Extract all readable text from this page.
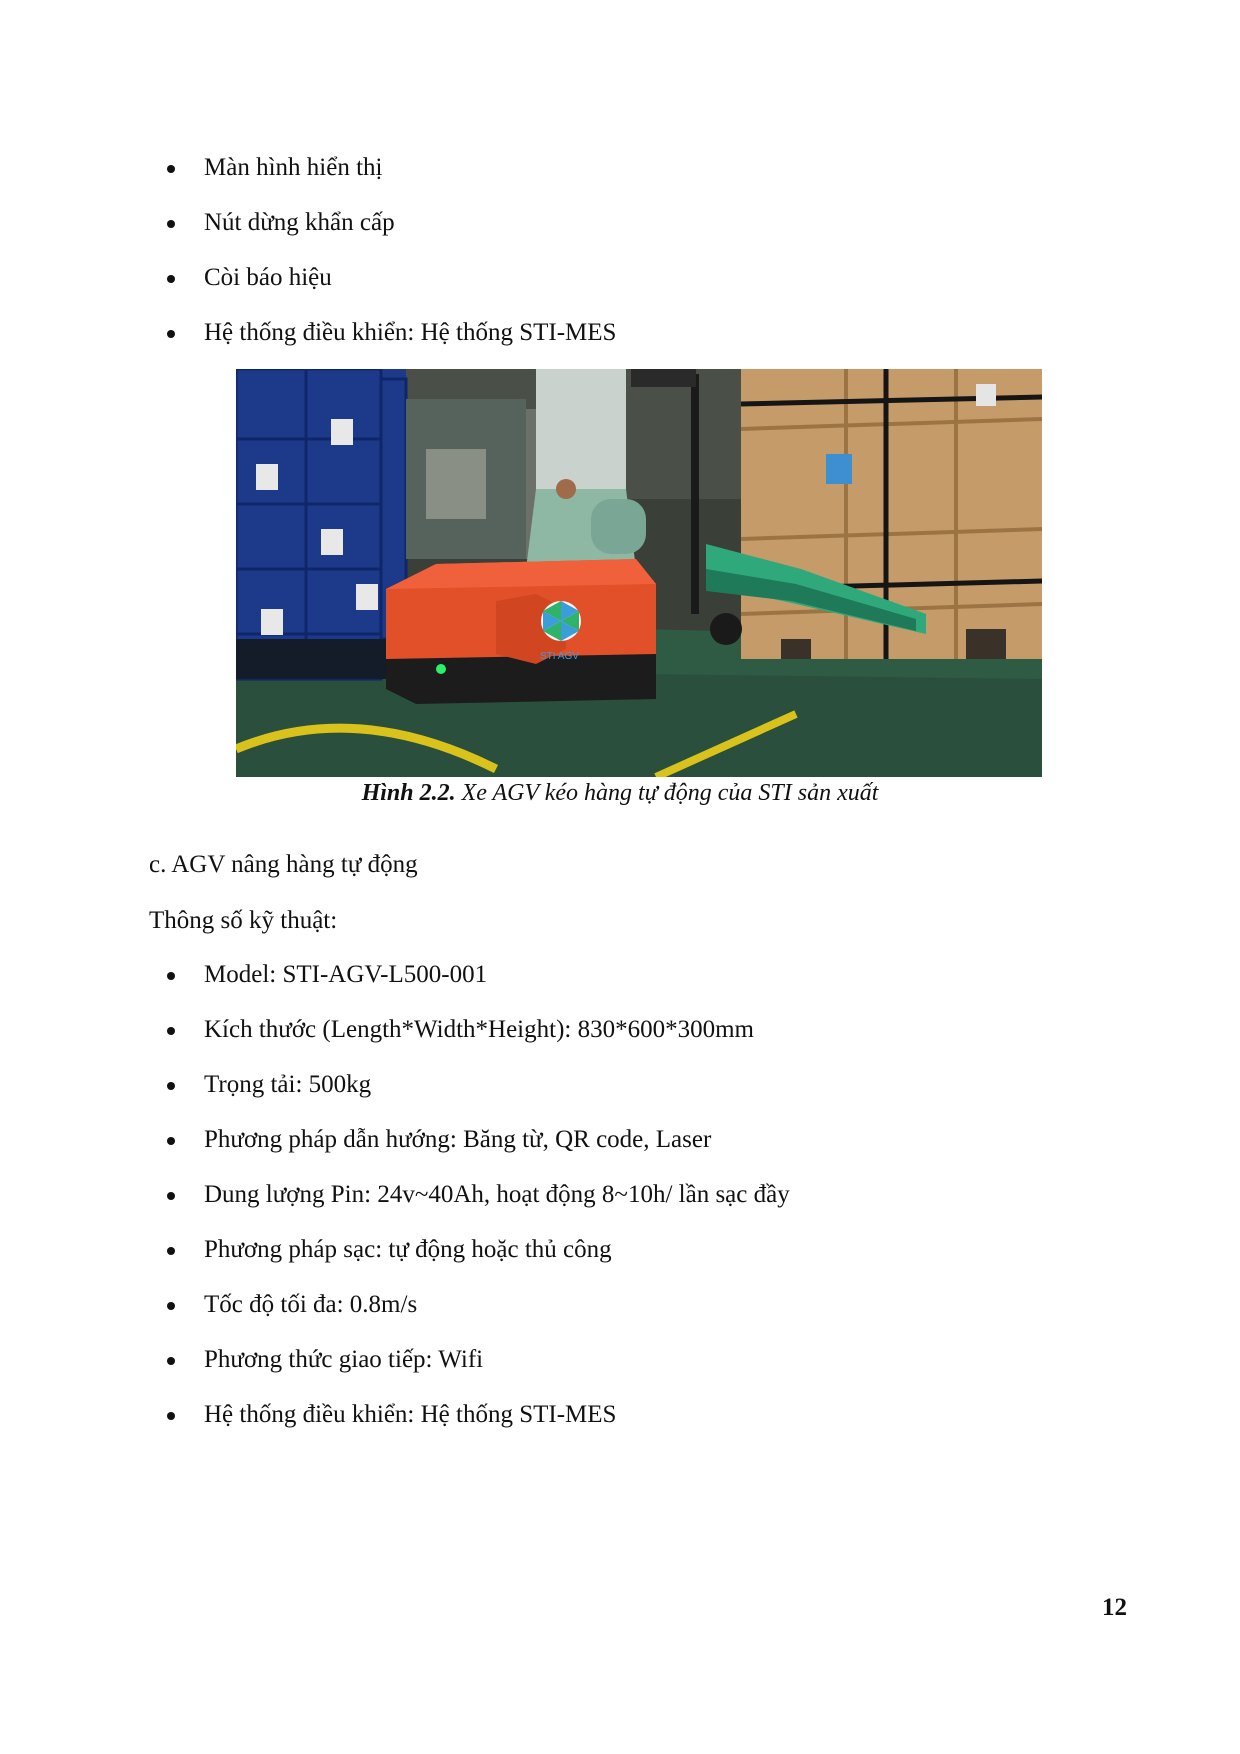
Màn hình hiển thị
Nút dừng khẩn cấp
Còi báo hiệu
Hệ thống điều khiển: Hệ thống STI-MES
STI AGV
Hình 2.2. Xe AGV kéo hàng tự động của STI sản xuất
c. AGV nâng hàng tự động
Thông số kỹ thuật:
Model: STI-AGV-L500-001
Kích thước (Length*Width*Height): 830*600*300mm
Trọng tải: 500kg
Phương pháp dẫn hướng: Băng từ, QR code, Laser
Dung lượng Pin: 24v~40Ah, hoạt động 8~10h/ lần sạc đầy
Phương pháp sạc: tự động hoặc thủ công
Tốc độ tối đa: 0.8m/s
Phương thức giao tiếp: Wifi
Hệ thống điều khiển: Hệ thống STI-MES
12
